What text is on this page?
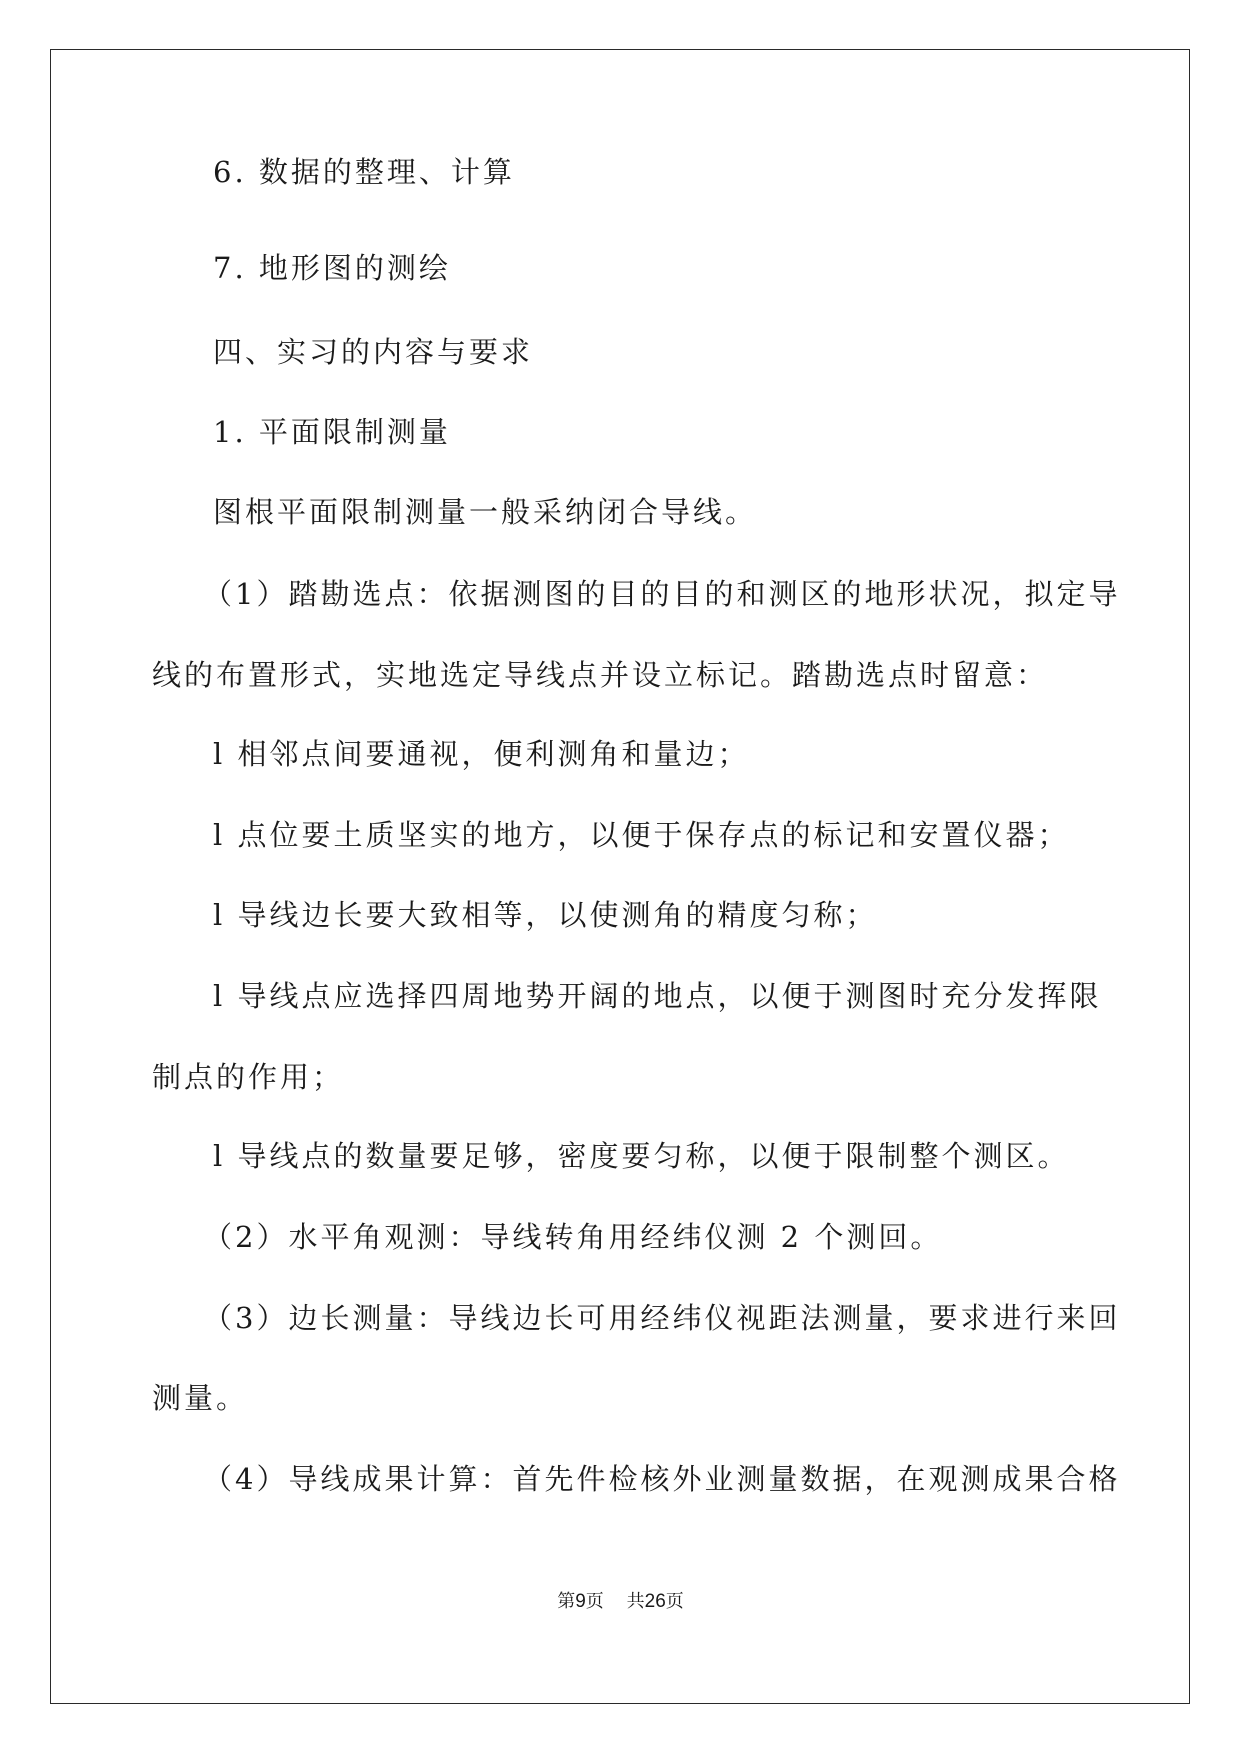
6. 数据的整理、计算
7. 地形图的测绘
四、实习的内容与要求
1. 平面限制测量
图根平面限制测量一般采纳闭合导线。
（1）踏勘选点：依据测图的目的目的和测区的地形状况，拟定导
线的布置形式，实地选定导线点并设立标记。踏勘选点时留意：
l 相邻点间要通视，便利测角和量边；
l 点位要土质坚实的地方，以便于保存点的标记和安置仪器；
l 导线边长要大致相等，以使测角的精度匀称；
l 导线点应选择四周地势开阔的地点，以便于测图时充分发挥限
制点的作用；
l 导线点的数量要足够，密度要匀称，以便于限制整个测区。
（2）水平角观测：导线转角用经纬仪测 2 个测回。
（3）边长测量：导线边长可用经纬仪视距法测量，要求进行来回
测量。
（4）导线成果计算：首先件检核外业测量数据，在观测成果合格
第9页    共26页
